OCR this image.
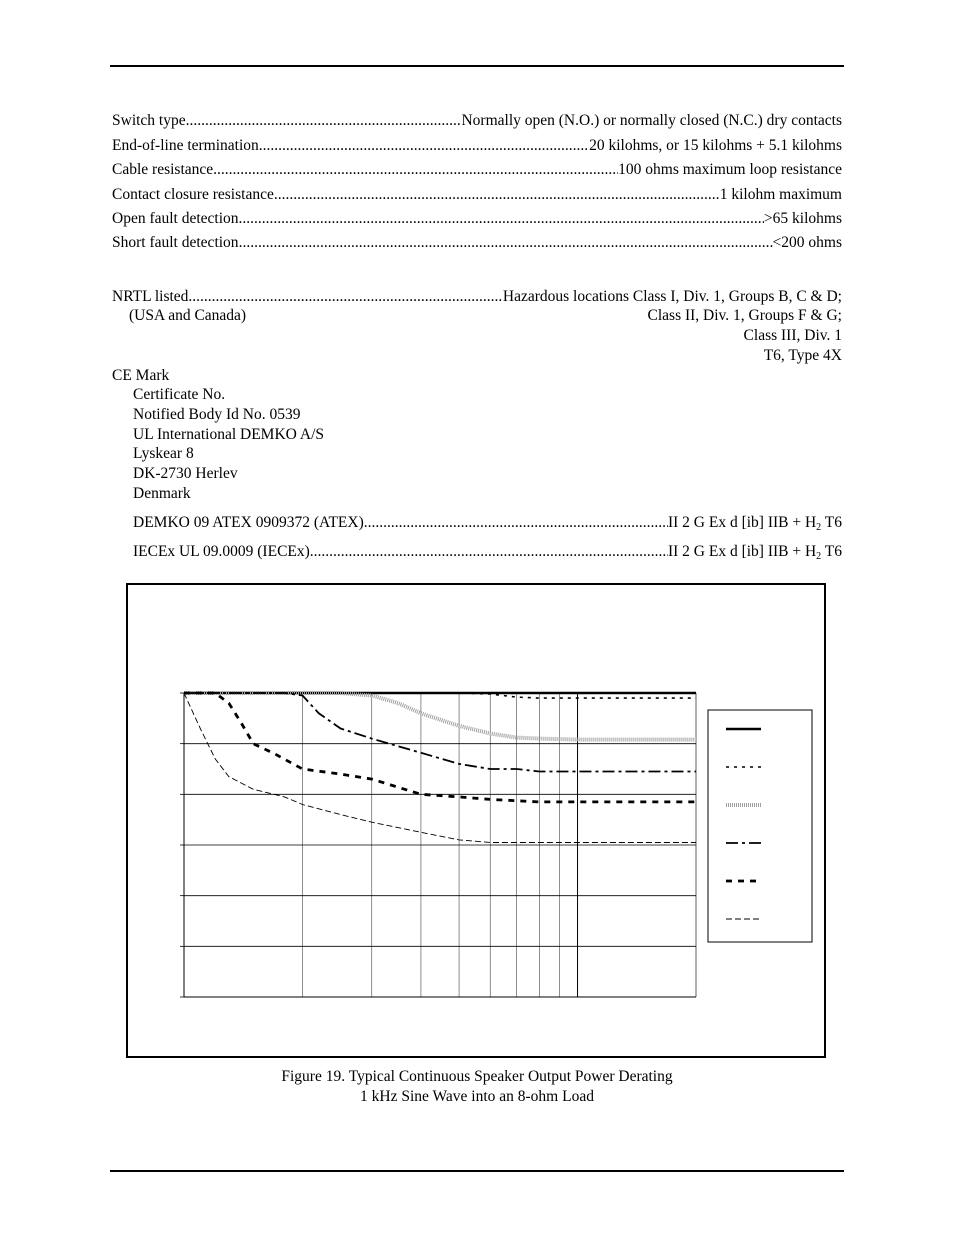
Switch type .....	Normally open (N.O.) or normally closed (N.C.) dry contacts
End-of-line termination .....	20 kilohms, or 15 kilohms + 5.1 kilohms
Cable resistance .....	100 ohms maximum loop resistance
Contact closure resistance .....	1 kilohm maximum
Open fault detection .....	>65 kilohms
Short fault detection .....	<200 ohms
NRTL listed .....	Hazardous locations Class I, Div. 1, Groups B, C & D;
(USA and Canada)	Class II, Div. 1, Groups F & G;
Class III, Div. 1
T6, Type 4X
CE Mark
Certificate No.
Notified Body Id No. 0539
UL International DEMKO A/S
Lyskear 8
DK-2730 Herlev
Denmark
DEMKO 09 ATEX 0909372 (ATEX) .....	II 2 G Ex d [ib] IIB + $H_2$ T6
IECEx UL 09.0009 (IECEx) .....	II 2 G Ex d [ib] IIB + $H_2$ T6
Figure 19. Typical Continuous Speaker Output Power Derating
1 kHz Sine Wave into an 8-ohm Load
